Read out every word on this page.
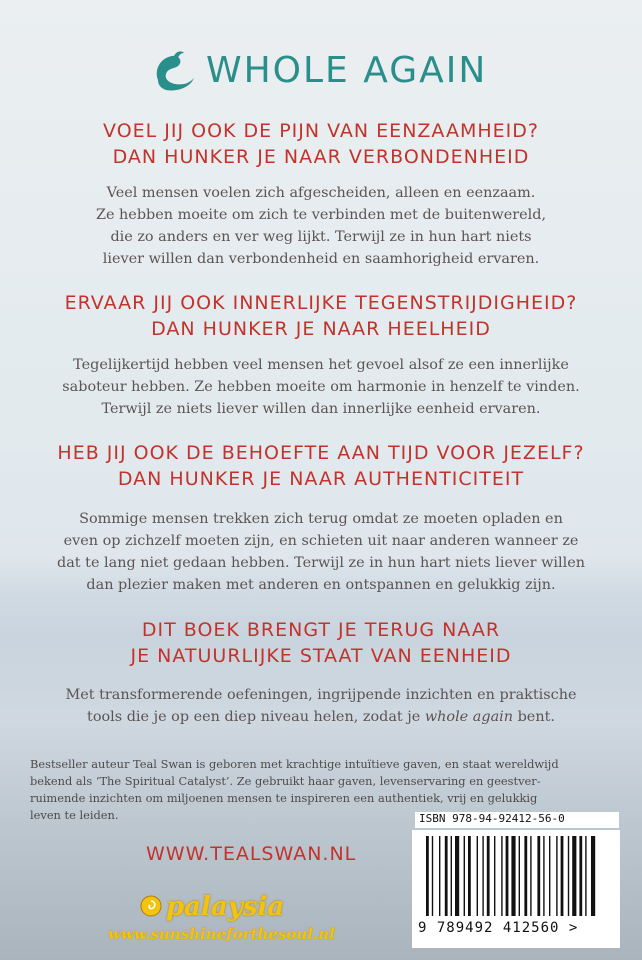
WHOLE AGAIN
VOEL JIJ OOK DE PIJN VAN EENZAAMHEID?
DAN HUNKER JE NAAR VERBONDENHEID
Veel mensen voelen zich afgescheiden, alleen en eenzaam.
Ze hebben moeite om zich te verbinden met de buitenwereld,
die zo anders en ver weg lijkt. Terwijl ze in hun hart niets
liever willen dan verbondenheid en saamhorigheid ervaren.
ERVAAR JIJ OOK INNERLIJKE TEGENSTRIJDIGHEID?
DAN HUNKER JE NAAR HEELHEID
Tegelijkertijd hebben veel mensen het gevoel alsof ze een innerlijke
saboteur hebben. Ze hebben moeite om harmonie in henzelf te vinden.
Terwijl ze niets liever willen dan innerlijke eenheid ervaren.
HEB JIJ OOK DE BEHOEFTE AAN TIJD VOOR JEZELF?
DAN HUNKER JE NAAR AUTHENTICITEIT
Sommige mensen trekken zich terug omdat ze moeten opladen en
even op zichzelf moeten zijn, en schieten uit naar anderen wanneer ze
dat te lang niet gedaan hebben. Terwijl ze in hun hart niets liever willen
dan plezier maken met anderen en ontspannen en gelukkig zijn.
DIT BOEK BRENGT JE TERUG NAAR
JE NATUURLIJKE STAAT VAN EENHEID
Met transformerende oefeningen, ingrijpende inzichten en praktische
tools die je op een diep niveau helen, zodat je whole again bent.
Bestseller auteur Teal Swan is geboren met krachtige intuïtieve gaven, en staat wereldwijd
bekend als ‘The Spiritual Catalyst’. Ze gebruikt haar gaven, levenservaring en geestver-
ruimende inzichten om miljoenen mensen te inspireren een authentiek, vrij en gelukkig
leven te leiden.
WWW.TEALSWAN.NL
ISBN 978-94-92412-56-0
9 789492 412560 >
palaysia
www.sunshineforthesoul.nl
